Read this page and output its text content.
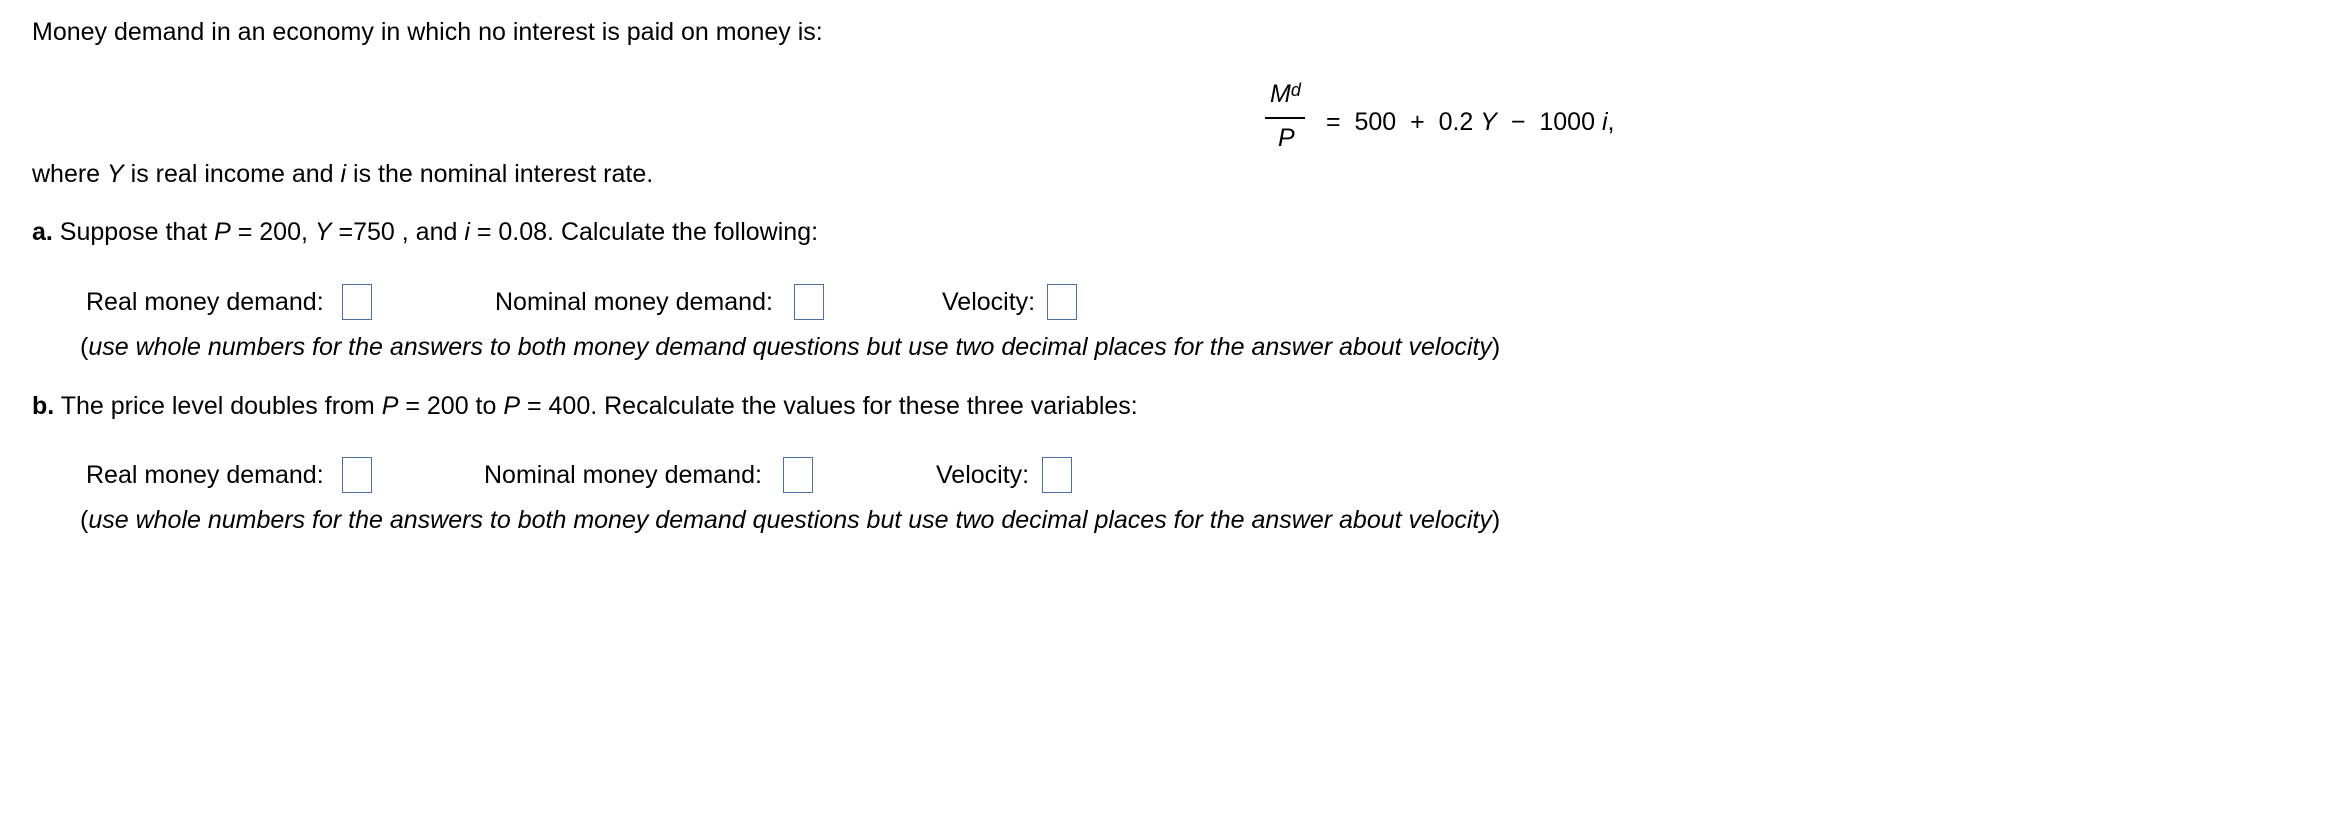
Money demand in an economy in which no interest is paid on money is:
$M^d$
P
=  500  +  0.2 Y  −  1000 i,
where Y is real income and i is the nominal interest rate.
a. Suppose that P = 200, Y =750 , and i = 0.08. Calculate the following:
Real money demand:	Nominal money demand:	Velocity:
(use whole numbers for the answers to both money demand questions but use two decimal places for the answer about velocity)
b. The price level doubles from P = 200 to P = 400. Recalculate the values for these three variables:
Real money demand:	Nominal money demand:	Velocity:
(use whole numbers for the answers to both money demand questions but use two decimal places for the answer about velocity)
